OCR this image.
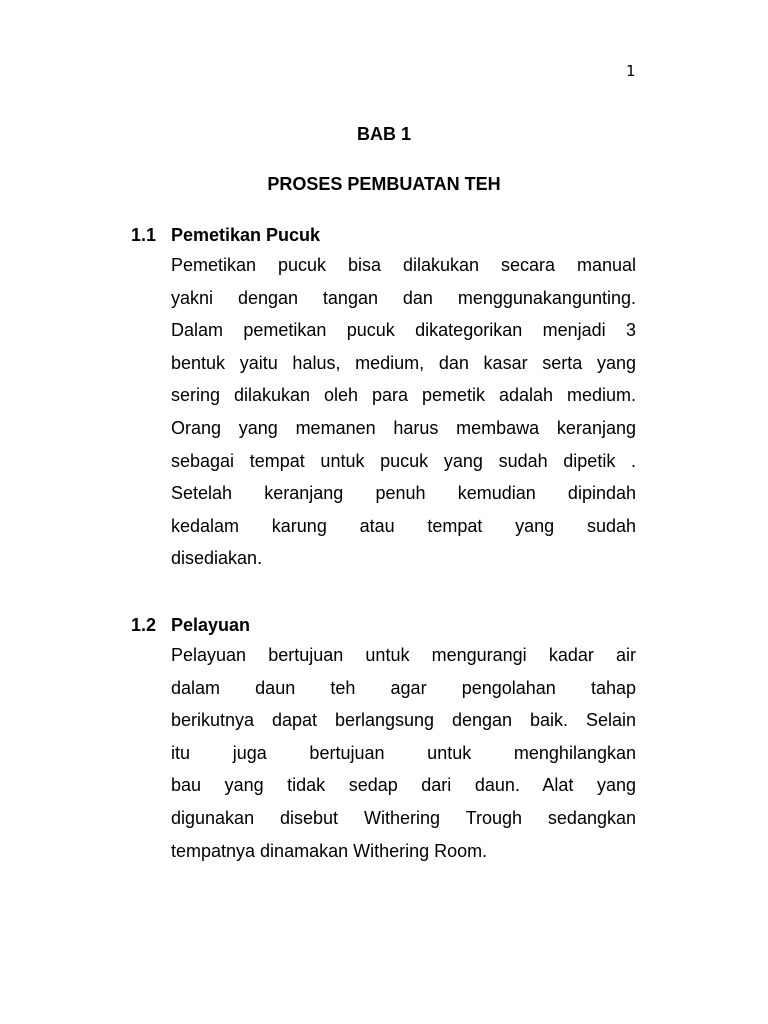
1
BAB 1
PROSES PEMBUATAN TEH
1.1 Pemetikan Pucuk
Pemetikan pucuk bisa dilakukan secara manual
yakni dengan tangan dan menggunakangunting.
Dalam pemetikan pucuk dikategorikan menjadi 3
bentuk yaitu halus, medium, dan kasar serta yang
sering dilakukan oleh para pemetik adalah medium.
Orang yang memanen harus membawa keranjang
sebagai tempat untuk pucuk yang sudah dipetik .
Setelah keranjang penuh kemudian dipindah
kedalam karung atau tempat yang sudah
disediakan.
1.2 Pelayuan
Pelayuan bertujuan untuk mengurangi kadar air
dalam daun teh agar pengolahan tahap
berikutnya dapat berlangsung dengan baik. Selain
itu juga bertujuan untuk menghilangkan
bau yang tidak sedap dari daun. Alat yang
digunakan disebut Withering Trough sedangkan
tempatnya dinamakan Withering Room.
